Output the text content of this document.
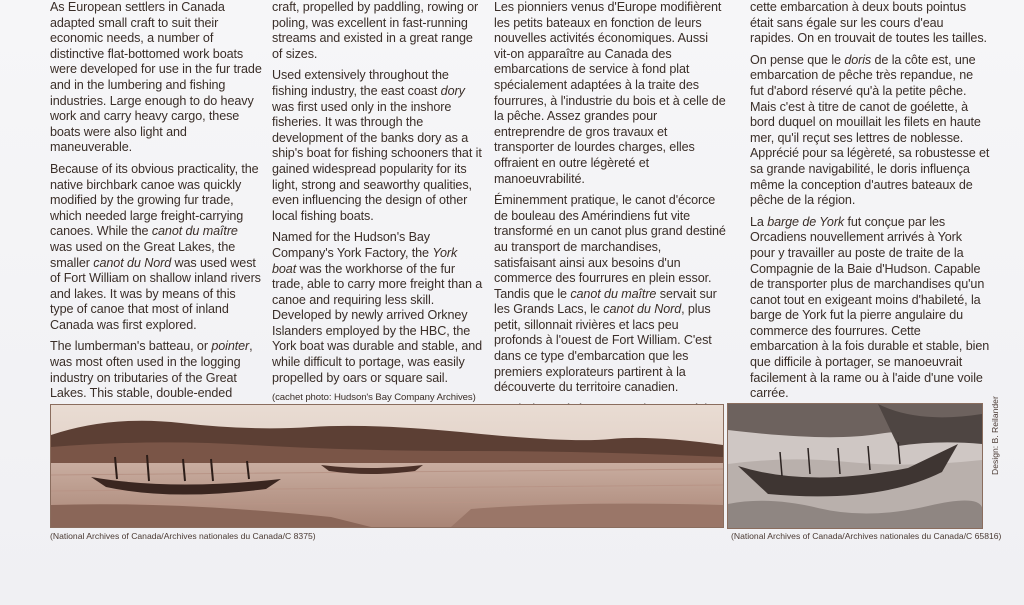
As European settlers in Canada adapted small craft to suit their economic needs, a number of distinctive flat-bottomed work boats were developed for use in the fur trade and in the lumbering and fishing industries. Large enough to do heavy work and carry heavy cargo, these boats were also light and maneuverable.

Because of its obvious practicality, the native birchbark canoe was quickly modified by the growing fur trade, which needed large freight-carrying canoes. While the canot du maître was used on the Great Lakes, the smaller canot du Nord was used west of Fort William on shallow inland rivers and lakes. It was by means of this type of canoe that most of inland Canada was first explored.

The lumberman's batteau, or pointer, was most often used in the logging industry on tributaries of the Great Lakes. This stable, double-ended

craft, propelled by paddling, rowing or poling, was excellent in fast-running streams and existed in a great range of sizes.

Used extensively throughout the fishing industry, the east coast dory was first used only in the inshore fisheries. It was through the development of the banks dory as a ship's boat for fishing schooners that it gained widespread popularity for its light, strong and seaworthy qualities, even influencing the design of other local fishing boats.

Named for the Hudson's Bay Company's York Factory, the York boat was the workhorse of the fur trade, able to carry more freight than a canoe and requiring less skill. Developed by newly arrived Orkney Islanders employed by the HBC, the York boat was durable and stable, and while difficult to portage, was easily propelled by oars or square sail.

(cachet photo: Hudson's Bay Company Archives)

Les pionniers venus d'Europe modifièrent les petits bateaux en fonction de leurs nouvelles activités économiques. Aussi vit-on apparaître au Canada des embarcations de service à fond plat spécialement adaptées à la traite des fourrures, à l'industrie du bois et à celle de la pêche. Assez grandes pour entreprendre de gros travaux et transporter de lourdes charges, elles offraient en outre légèreté et manoeuvrabilité.

Éminemment pratique, le canot d'écorce de bouleau des Amérindiens fut vite transformé en un canot plus grand destiné au transport de marchandises, satisfaisant ainsi aux besoins d'un commerce des fourrures en plein essor. Tandis que le canot du maître servait sur les Grands Lacs, le canot du Nord, plus petit, sillonnait rivières et lacs peu profonds à l'ouest de Fort William. C'est dans ce type d'embarcation que les premiers explorateurs partirent à la découverte du territoire canadien.

cette embarcation à deux bouts pointus était sans égale sur les cours d'eau rapides. On en trouvait de toutes les tailles.

On pense que le doris de la côte est, une embarcation de pêche très repandue, ne fut d'abord réservé qu'à la petite pêche. Mais c'est à titre de canot de goélette, à bord duquel on mouillait les filets en haute mer, qu'il reçut ses lettres de noblesse. Apprécié pour sa légèreté, sa robustesse et sa grande navigabilité, le doris influença même la conception d'autres bateaux de pêche de la région.

La barge de York fut conçue par les Orcadiens nouvellement arrivés à York pour y travailler au poste de traite de la Compagnie de la Baie d'Hudson. Capable de transporter plus de marchandises qu'un canot tout en exigeant moins d'habileté, la barge de York fut la pierre angulaire du commerce des fourrures. Cette embarcation à la fois durable et stable, bien que difficile à portager, se manoeuvrait facilement à la rame ou à l'aide d'une voile carrée.

(National Archives of Canada/Archives nationales du Canada/C 8375)	(National Archives of Canada/Archives nationales du Canada/C 65816)
Design: B. Reilander
